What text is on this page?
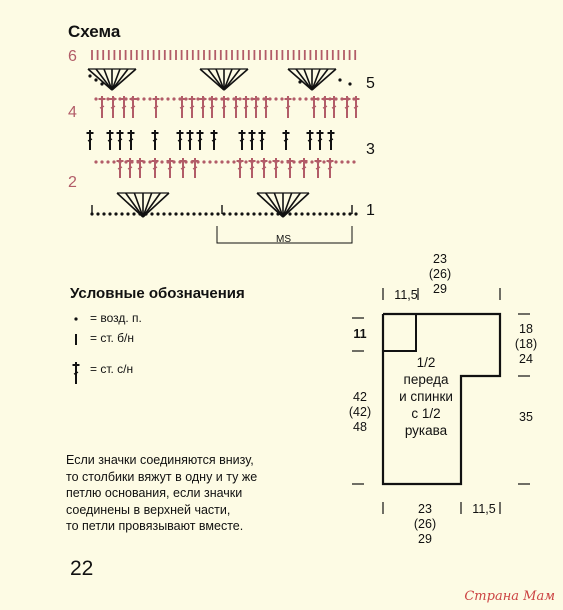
Схема
6
5
4
3
2
1
MS
Условные обозначения
= возд. п.
= ст. б/н
= ст. с/н
Если значки соединяются внизу,
то столбики вяжут в одну и ту же
петлю основания, если значки
соединены в верхней части,
то петли провязывают вместе.
22
23
(26)
29
11,5
11
42
(42)
48
18
(18)
24
35
23
(26)
29
11,5
1/2
переда
и спинки
с 1/2
рукава
Страна Мам
